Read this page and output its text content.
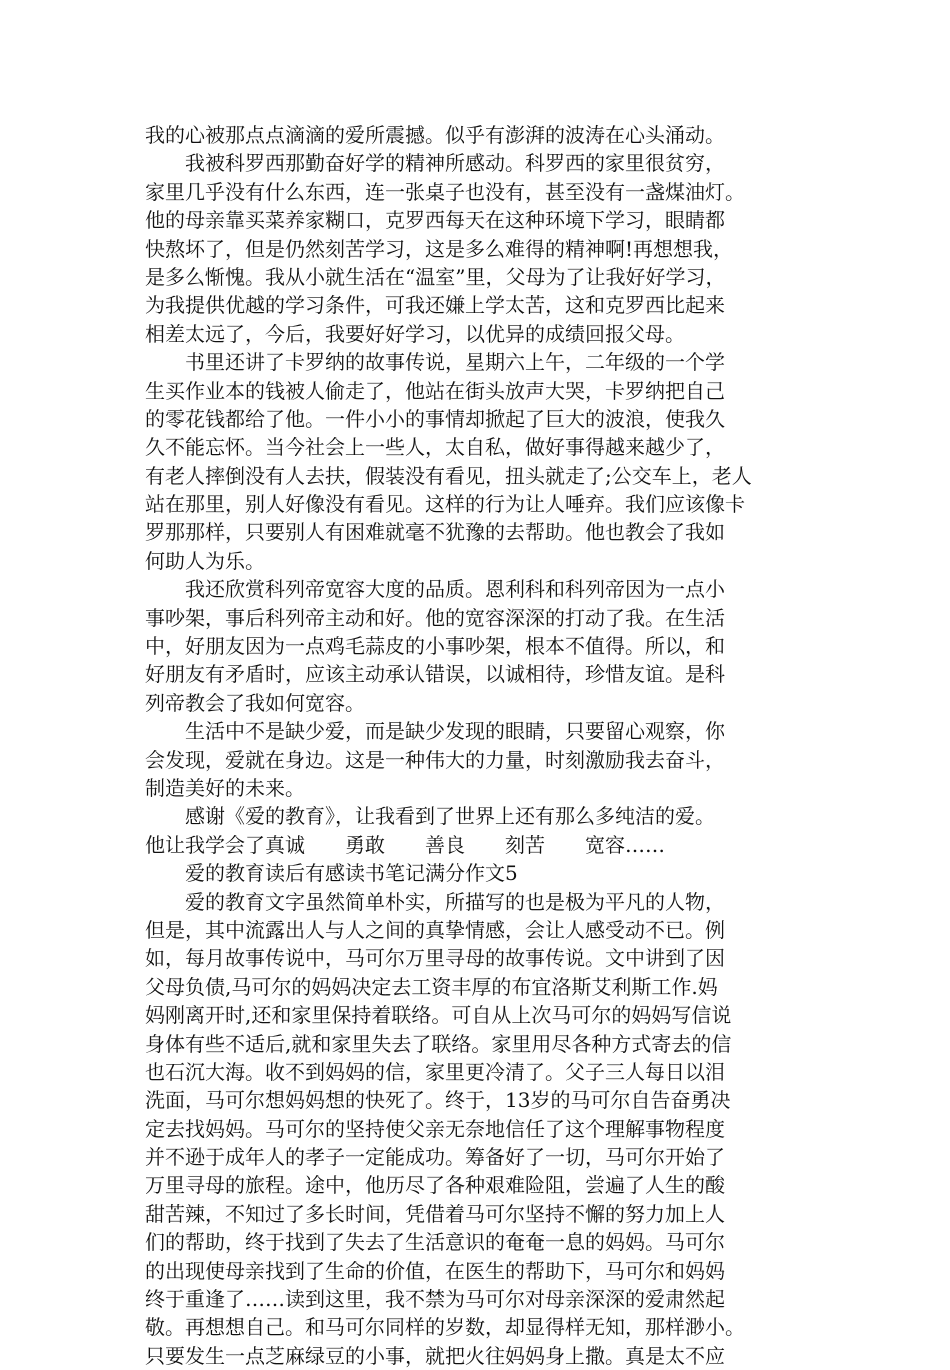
我的心被那点点滴滴的爱所震撼。似乎有澎湃的波涛在心头涌动。
　　我被科罗西那勤奋好学的精神所感动。科罗西的家里很贫穷，
家里几乎没有什么东西，连一张桌子也没有，甚至没有一盏煤油灯。
他的母亲靠买菜养家糊口，克罗西每天在这种环境下学习，眼睛都
快熬坏了，但是仍然刻苦学习，这是多么难得的精神啊!再想想我，
是多么惭愧。我从小就生活在“温室”里，父母为了让我好好学习，
为我提供优越的学习条件，可我还嫌上学太苦，这和克罗西比起来
相差太远了，今后，我要好好学习，以优异的成绩回报父母。
　　书里还讲了卡罗纳的故事传说，星期六上午，二年级的一个学
生买作业本的钱被人偷走了，他站在街头放声大哭，卡罗纳把自己
的零花钱都给了他。一件小小的事情却掀起了巨大的波浪，使我久
久不能忘怀。当今社会上一些人，太自私，做好事得越来越少了，
有老人摔倒没有人去扶，假装没有看见，扭头就走了;公交车上，老人
站在那里，别人好像没有看见。这样的行为让人唾弃。我们应该像卡
罗那那样，只要别人有困难就毫不犹豫的去帮助。他也教会了我如
何助人为乐。
　　我还欣赏科列帝宽容大度的品质。恩利科和科列帝因为一点小
事吵架，事后科列帝主动和好。他的宽容深深的打动了我。在生活
中，好朋友因为一点鸡毛蒜皮的小事吵架，根本不值得。所以，和
好朋友有矛盾时，应该主动承认错误，以诚相待，珍惜友谊。是科
列帝教会了我如何宽容。
　　生活中不是缺少爱，而是缺少发现的眼睛，只要留心观察，你
会发现，爱就在身边。这是一种伟大的力量，时刻激励我去奋斗，
制造美好的未来。
　　感谢《爱的教育》，让我看到了世界上还有那么多纯洁的爱。
他让我学会了真诚　　勇敢　　善良　　刻苦　　宽容……
　　爱的教育读后有感读书笔记满分作文5
　　爱的教育文字虽然简单朴实，所描写的也是极为平凡的人物，
但是，其中流露出人与人之间的真挚情感，会让人感受动不已。例
如，每月故事传说中，马可尔万里寻母的故事传说。文中讲到了因
父母负债,马可尔的妈妈决定去工资丰厚的布宜洛斯艾利斯工作.妈
妈刚离开时,还和家里保持着联络。可自从上次马可尔的妈妈写信说
身体有些不适后,就和家里失去了联络。家里用尽各种方式寄去的信
也石沉大海。收不到妈妈的信，家里更冷清了。父子三人每日以泪
洗面，马可尔想妈妈想的快死了。终于，13岁的马可尔自告奋勇决
定去找妈妈。马可尔的坚持使父亲无奈地信任了这个理解事物程度
并不逊于成年人的孝子一定能成功。筹备好了一切，马可尔开始了
万里寻母的旅程。途中，他历尽了各种艰难险阻，尝遍了人生的酸
甜苦辣，不知过了多长时间，凭借着马可尔坚持不懈的努力加上人
们的帮助，终于找到了失去了生活意识的奄奄一息的妈妈。马可尔
的出现使母亲找到了生命的价值，在医生的帮助下，马可尔和妈妈
终于重逢了……读到这里，我不禁为马可尔对母亲深深的爱肃然起
敬。再想想自己。和马可尔同样的岁数，却显得样无知，那样渺小。
只要发生一点芝麻绿豆的小事，就把火往妈妈身上撒。真是太不应
